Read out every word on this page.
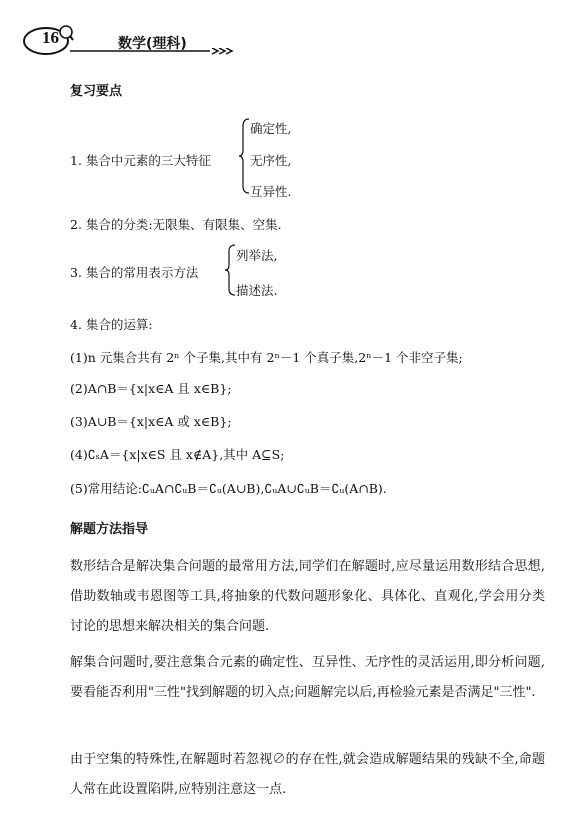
16	数学(理科)
复习要点
1. 集合中元素的三大特征
确定性,
无序性,
互异性.
2. 集合的分类:无限集、有限集、空集.
3. 集合的常用表示方法
列举法,
描述法.
4. 集合的运算:
(1)n 元集合共有 2ⁿ 个子集,其中有 2ⁿ－1 个真子集,2ⁿ－1 个非空子集;
(2)A∩B＝{x|x∈A 且 x∈B};
(3)A∪B＝{x|x∈A 或 x∈B};
(4)∁ₛA＝{x|x∈S 且 x∉A},其中 A⊆S;
(5)常用结论:∁ᵤA∩∁ᵤB＝∁ᵤ(A∪B),∁ᵤA∪∁ᵤB＝∁ᵤ(A∩B).
解题方法指导
数形结合是解决集合问题的最常用方法,同学们在解题时,应尽量运用数形结合思想,借助数轴或韦恩图等工具,将抽象的代数问题形象化、具体化、直观化,学会用分类讨论的思想来解决相关的集合问题.
解集合问题时,要注意集合元素的确定性、互异性、无序性的灵活运用,即分析问题,要看能否利用"三性"找到解题的切入点;问题解完以后,再检验元素是否满足"三性".
由于空集的特殊性,在解题时若忽视∅的存在性,就会造成解题结果的残缺不全,命题人常在此设置陷阱,应特别注意这一点.
